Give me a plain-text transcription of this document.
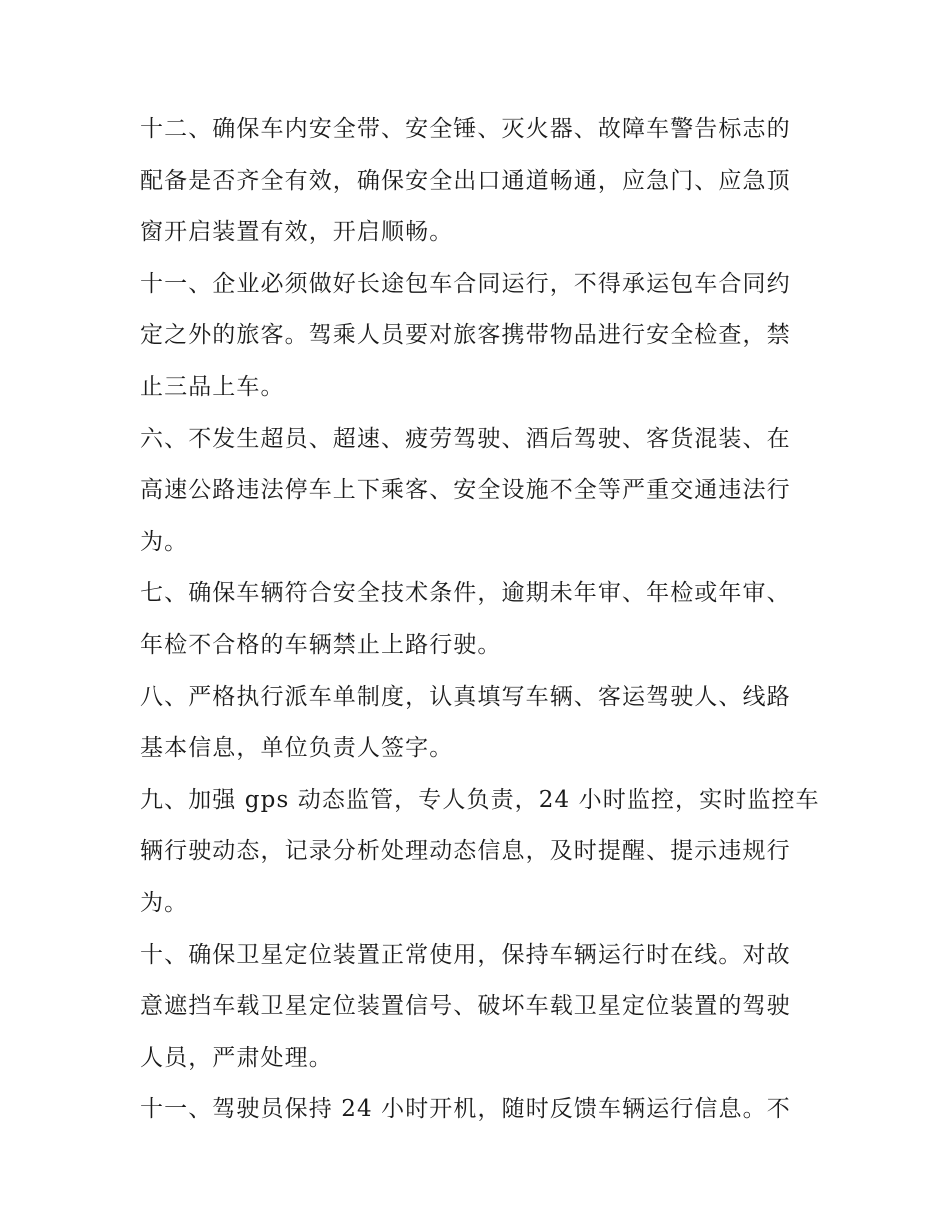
十二、确保车内安全带、安全锤、灭火器、故障车警告标志的
配备是否齐全有效，确保安全出口通道畅通，应急门、应急顶
窗开启装置有效，开启顺畅。
十一、企业必须做好长途包车合同运行，不得承运包车合同约
定之外的旅客。驾乘人员要对旅客携带物品进行安全检查，禁
止三品上车。
六、不发生超员、超速、疲劳驾驶、酒后驾驶、客货混装、在
高速公路违法停车上下乘客、安全设施不全等严重交通违法行
为。
七、确保车辆符合安全技术条件，逾期未年审、年检或年审、
年检不合格的车辆禁止上路行驶。
八、严格执行派车单制度，认真填写车辆、客运驾驶人、线路
基本信息，单位负责人签字。
九、加强 gps 动态监管，专人负责，24 小时监控，实时监控车
辆行驶动态，记录分析处理动态信息，及时提醒、提示违规行
为。
十、确保卫星定位装置正常使用，保持车辆运行时在线。对故
意遮挡车载卫星定位装置信号、破坏车载卫星定位装置的驾驶
人员，严肃处理。
十一、驾驶员保持 24 小时开机，随时反馈车辆运行信息。不
